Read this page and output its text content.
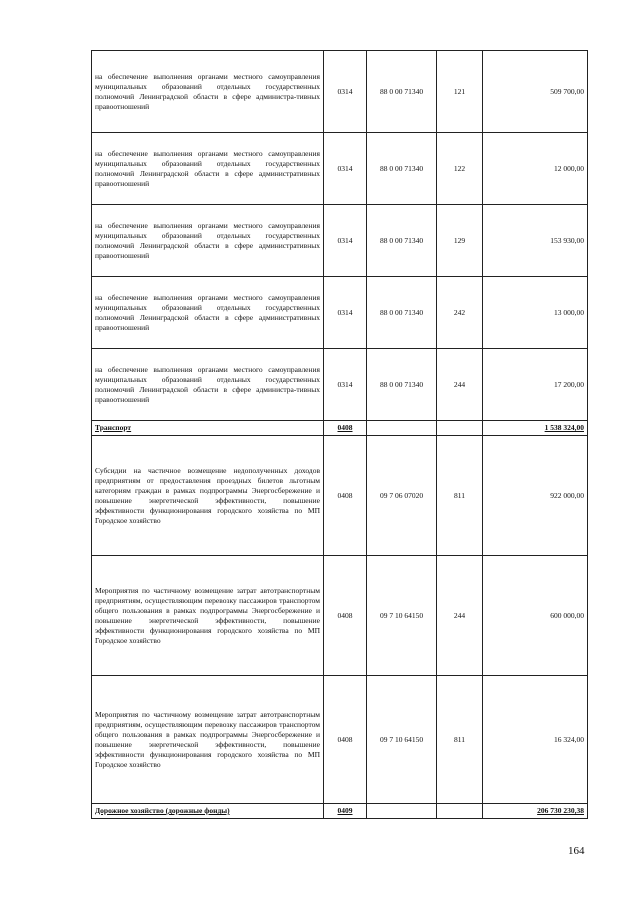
на обеспечение выполнения органами местного самоуправления муниципальных образований отдельных государственных полномочий Ленинградской области в сфере администра-тивных правоотношений	0314	88 0 00 71340	121	509 700,00
на обеспечение выполнения органами местного самоуправления муниципальных образований отдельных государственных полномочий Ленинградской области в сфере административных правоотношений	0314	88 0 00 71340	122	12 000,00
на обеспечение выполнения органами местного самоуправления муниципальных образований отдельных государственных полномочий Ленинградской области в сфере административных правоотношений	0314	88 0 00 71340	129	153 930,00
на обеспечение выполнения органами местного самоуправления муниципальных образований отдельных государственных полномочий Ленинградской области в сфере административных правоотношений	0314	88 0 00 71340	242	13 000,00
на обеспечение выполнения органами местного самоуправления муниципальных образований отдельных государственных полномочий Ленинградской области в сфере администра-тивных правоотношений	0314	88 0 00 71340	244	17 200,00
Транспорт	0408			1 538 324,00
Субсидии на частичное возмещение недополученных доходов предприятиям от предоставления проездных билетов льготным категориям граждан в рамках подпрограммы Энергосбережение и повышение энергетической эффективности, повышение эффективности функционирования городского хозяйства по МП Городское хозяйство	0408	09 7 06 07020	811	922 000,00
Мероприятия по частичному возмещение затрат автотранспортным предприятиям, осуществляющим перевозку пассажиров транспортом общего пользования в рамках подпрограммы Энергосбережение и повышение энергетической эффективности, повышение эффективности функционирования городского хозяйства по МП Городское хозяйство	0408	09 7 10 64150	244	600 000,00
Мероприятия по частичному возмещение затрат автотранспортным предприятиям, осуществляющим перевозку пассажиров транспортом общего пользования в рамках подпрограммы Энергосбережение и повышение энергетической эффективности, повышение эффективности функционирования городского хозяйства по МП Городское хозяйство	0408	09 7 10 64150	811	16 324,00
Дорожное хозяйство (дорожные фонды)	0409			206 730 230,38
164
